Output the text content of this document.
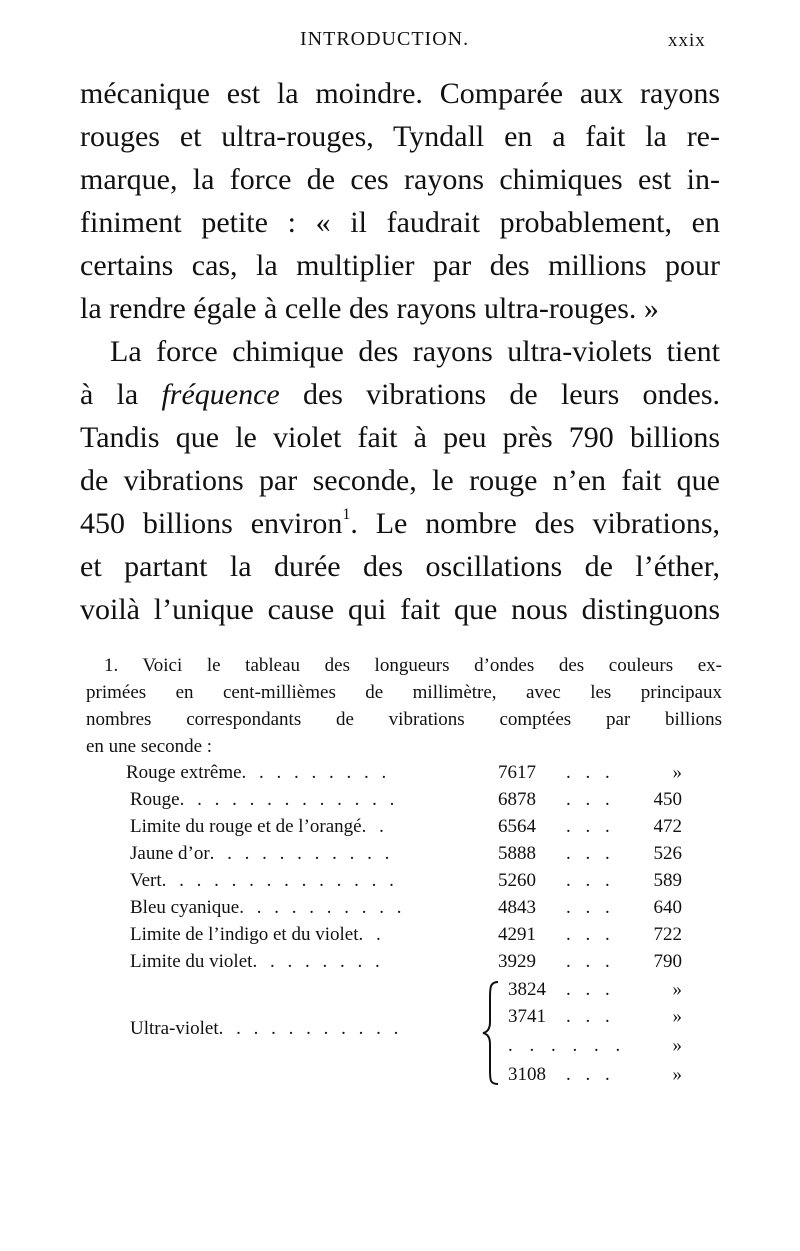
INTRODUCTION.	xxix
mécanique est la moindre. Comparée aux rayons
rouges et ultra-rouges, Tyndall en a fait la re-
marque, la force de ces rayons chimiques est in-
finiment petite : « il faudrait probablement, en
certains cas, la multiplier par des millions pour
la rendre égale à celle des rayons ultra-rouges. »
La force chimique des rayons ultra-violets tient
à la fréquence des vibrations de leurs ondes.
Tandis que le violet fait à peu près 790 billions
de vibrations par seconde, le rouge n’en fait que
450 billions environ$^1$. Le nombre des vibrations,
et partant la durée des oscillations de l’éther,
voilà l’unique cause qui fait que nous distinguons
1. Voici le tableau des longueurs d’ondes des couleurs ex-
primées en cent-millièmes de millimètre, avec les principaux
nombres correspondants de vibrations comptées par billions
en une seconde :
Rouge extrême. . . . . . . . .	7617	. . .	»
Rouge. . . . . . . . . . . . .	6878	. . .	450
Limite du rouge et de l’orangé. .	6564	. . .	472
Jaune d’or. . . . . . . . . . .	5888	. . .	526
Vert. . . . . . . . . . . . . .	5260	. . .	589
Bleu cyanique. . . . . . . . . .	4843	. . .	640
Limite de l’indigo et du violet. .	4291	. . .	722
Limite du violet. . . . . . . .	3929	. . .	790
Ultra-violet. . . . . . . . . . .
3824 . . .	»
3741 . . .	»
. . . . . .	»
3108 . . .	»
